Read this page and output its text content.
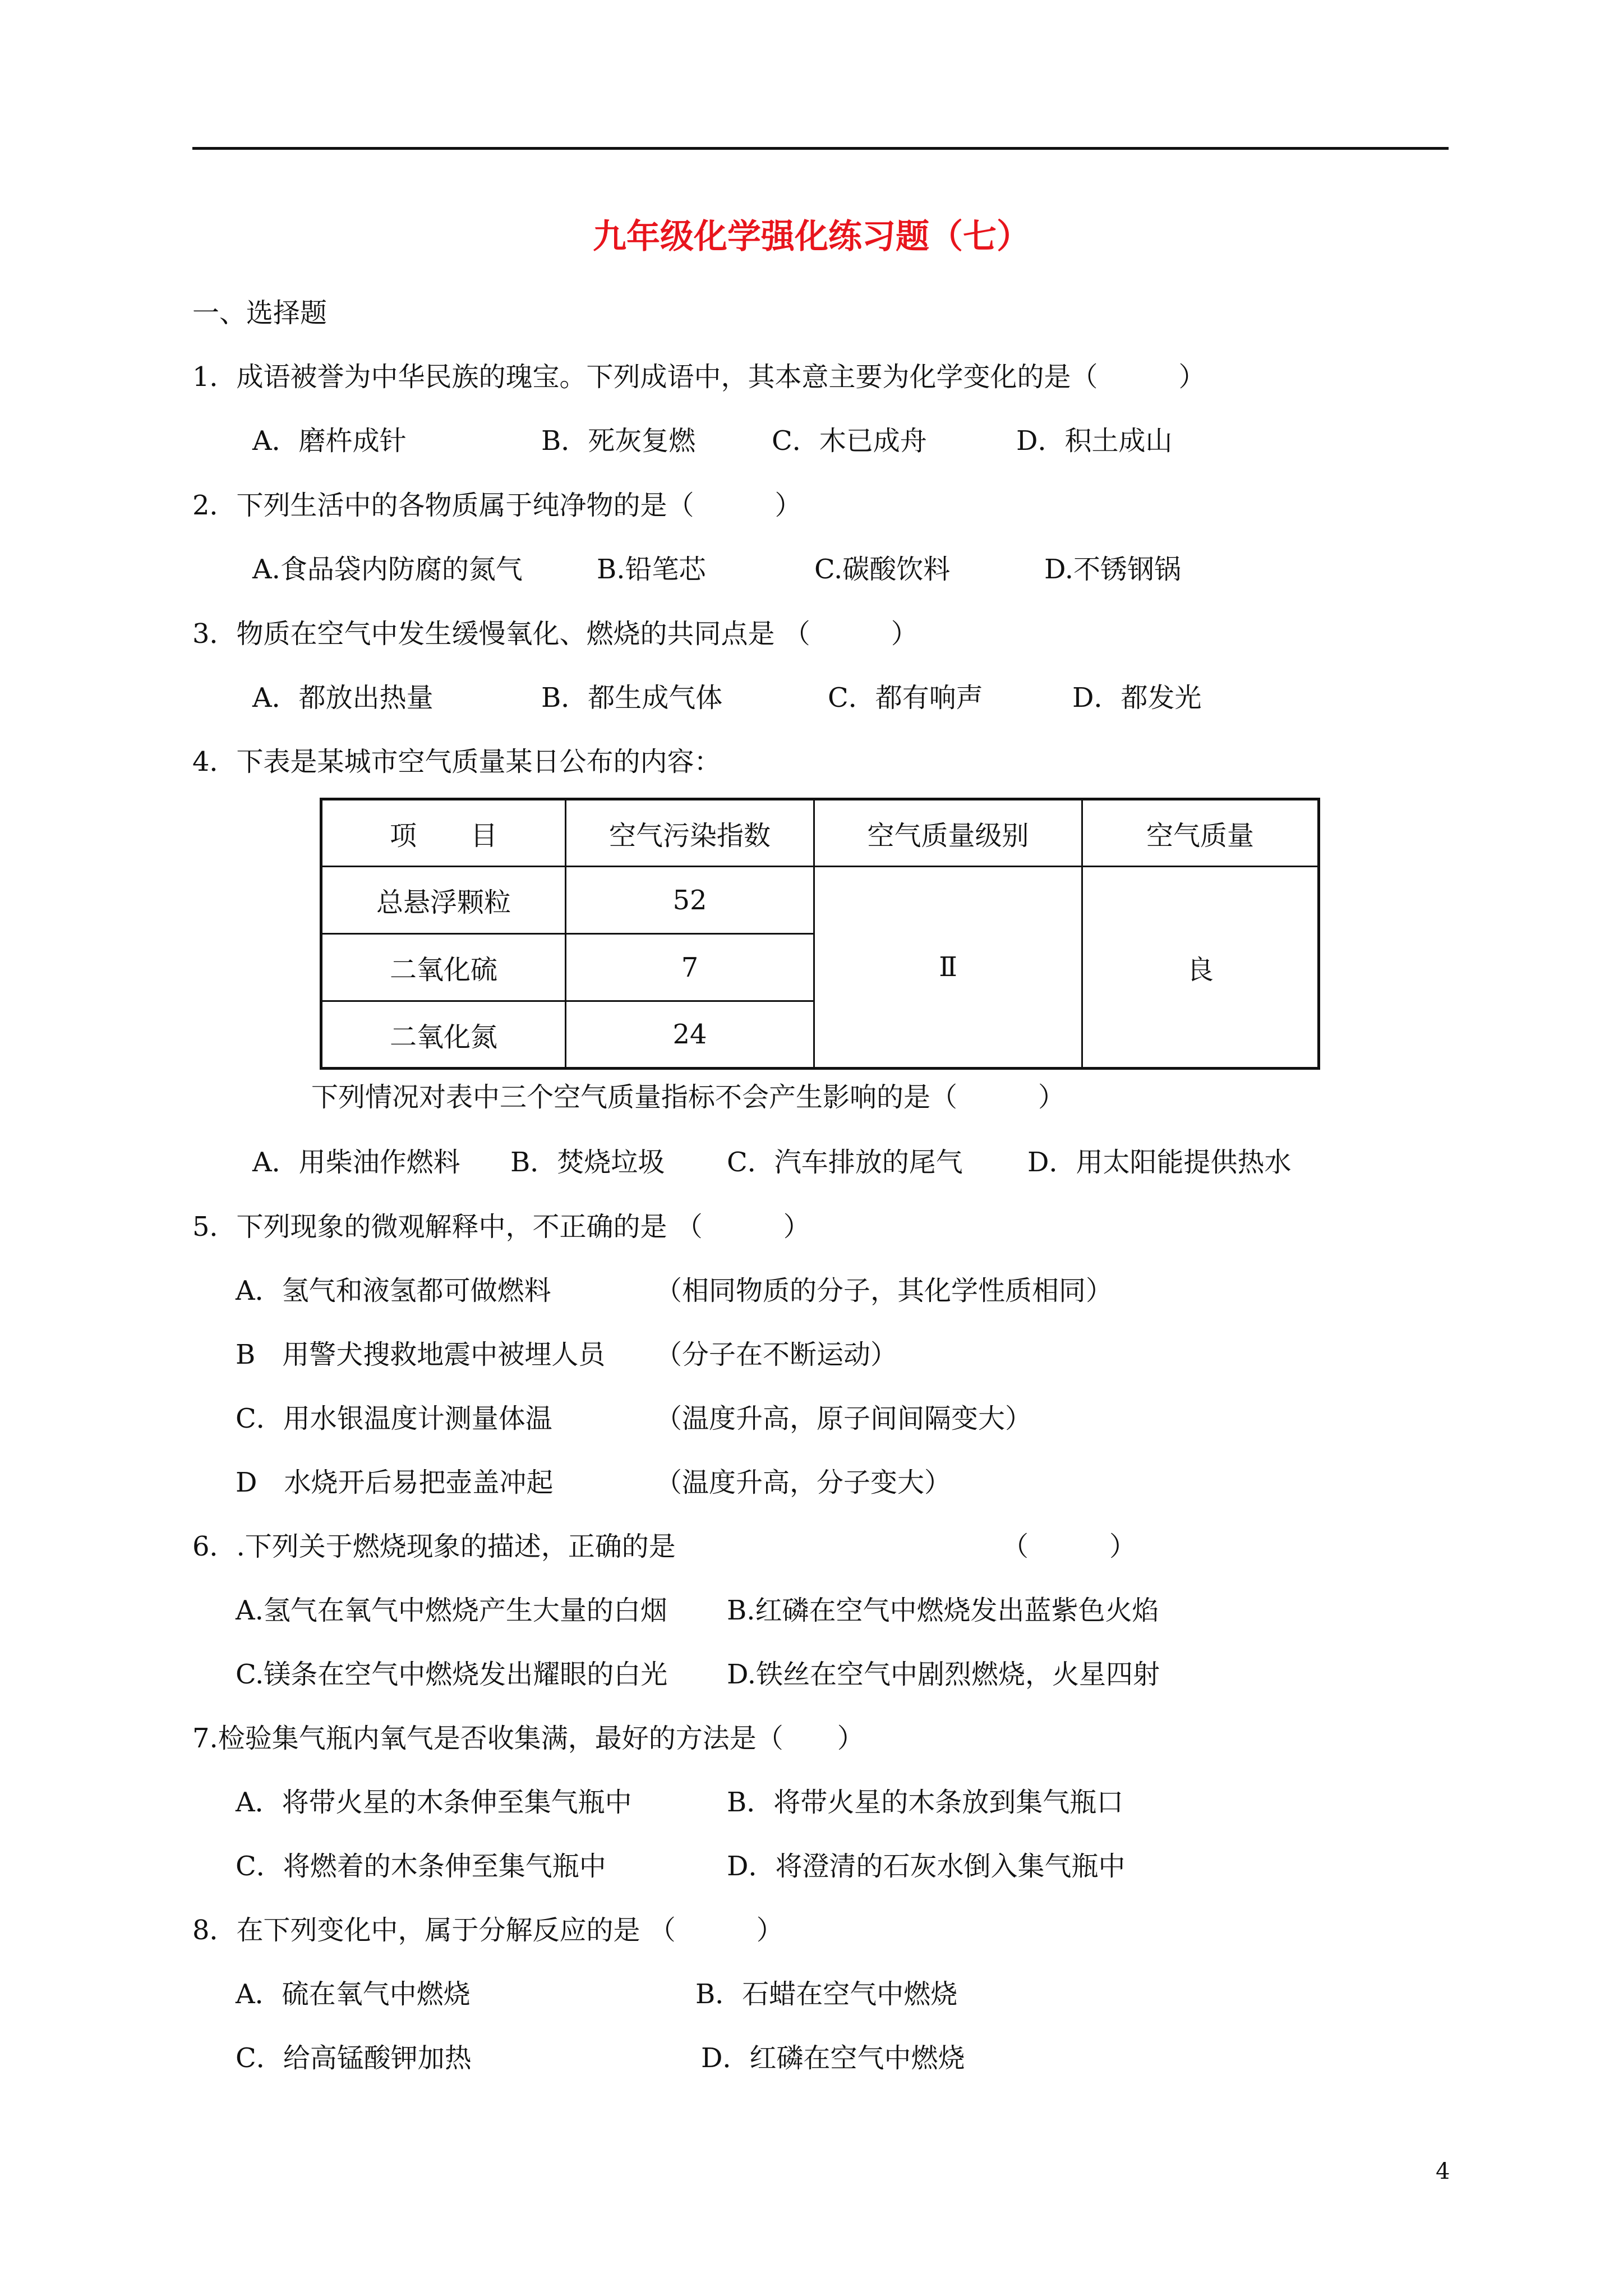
九年级化学强化练习题（七）
一、选择题
1．成语被誉为中华民族的瑰宝。下列成语中，其本意主要为化学变化的是（　　　）
A．磨杵成针	B．死灰复燃	C．木已成舟	D．积土成山
2．下列生活中的各物质属于纯净物的是（　　　）
A.食品袋内防腐的氮气	B.铅笔芯	C.碳酸饮料	D.不锈钢锅
3．物质在空气中发生缓慢氧化、燃烧的共同点是 （　　　）
A．都放出热量	B．都生成气体	C．都有响声	D．都发光
4．下表是某城市空气质量某日公布的内容：
项　　目	空气污染指数	空气质量级别	空气质量
总悬浮颗粒	52	Ⅱ	良
二氧化硫	7		
二氧化氮	24		
下列情况对表中三个空气质量指标不会产生影响的是（　　　）
A．用柴油作燃料 B．焚烧垃圾 C．汽车排放的尾气 D．用太阳能提供热水
5．下列现象的微观解释中，不正确的是 （　　　）
A．氢气和液氢都可做燃料	（相同物质的分子，其化学性质相同）
B　用警犬搜救地震中被埋人员 （分子在不断运动）
C．用水银温度计测量体温	（温度升高，原子间间隔变大）
D　水烧开后易把壶盖冲起	（温度升高，分子变大）
6．.下列关于燃烧现象的描述，正确的是	（　　　）
A.氢气在氧气中燃烧产生大量的白烟 B.红磷在空气中燃烧发出蓝紫色火焰
C.镁条在空气中燃烧发出耀眼的白光 D.铁丝在空气中剧烈燃烧，火星四射
7.检验集气瓶内氧气是否收集满，最好的方法是（　　）
A．将带火星的木条伸至集气瓶中	B．将带火星的木条放到集气瓶口
C．将燃着的木条伸至集气瓶中	D．将澄清的石灰水倒入集气瓶中
8．在下列变化中，属于分解反应的是 （　　　）
A．硫在氧气中燃烧	B．石蜡在空气中燃烧
C．给高锰酸钾加热	D．红磷在空气中燃烧
4
